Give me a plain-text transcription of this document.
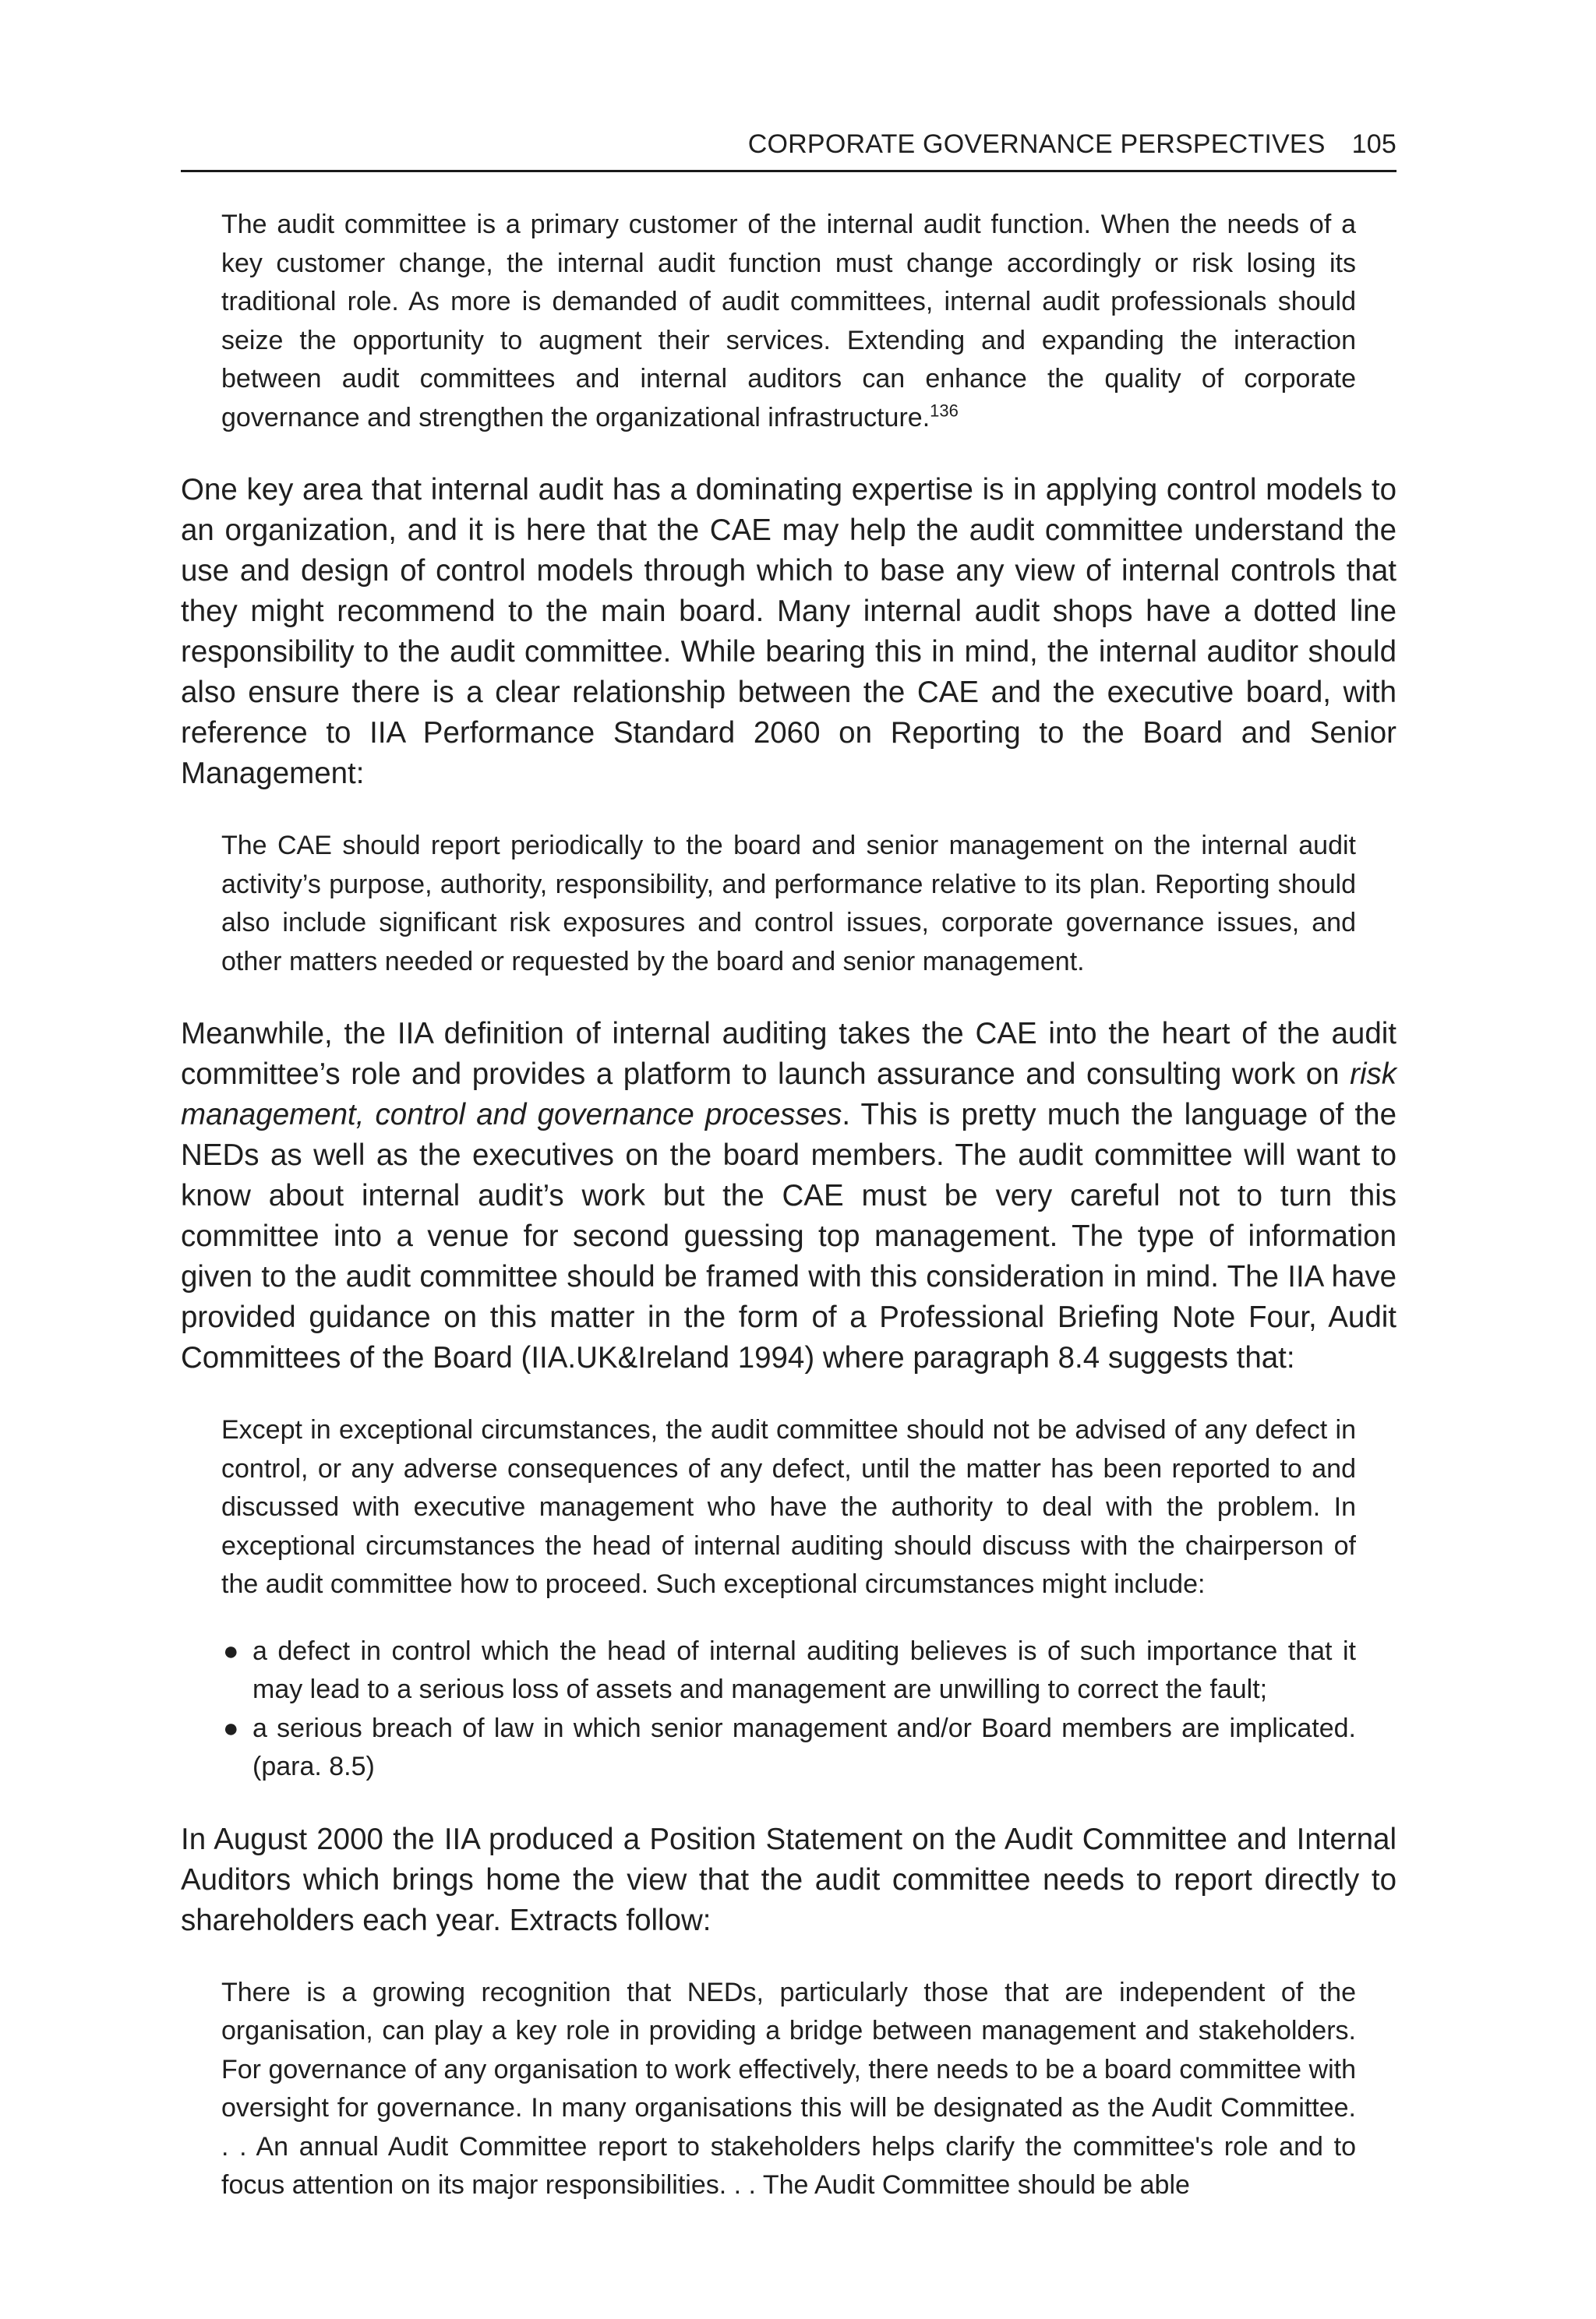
CORPORATE GOVERNANCE PERSPECTIVES 105

The audit committee is a primary customer of the internal audit function. When the needs of a key customer change, the internal audit function must change accordingly or risk losing its traditional role. As more is demanded of audit committees, internal audit professionals should seize the opportunity to augment their services. Extending and expanding the interaction between audit committees and internal auditors can enhance the quality of corporate governance and strengthen the organizational infrastructure.$^{136}$

One key area that internal audit has a dominating expertise is in applying control models to an organization, and it is here that the CAE may help the audit committee understand the use and design of control models through which to base any view of internal controls that they might recommend to the main board. Many internal audit shops have a dotted line responsibility to the audit committee. While bearing this in mind, the internal auditor should also ensure there is a clear relationship between the CAE and the executive board, with reference to IIA Performance Standard 2060 on Reporting to the Board and Senior Management:

The CAE should report periodically to the board and senior management on the internal audit activity’s purpose, authority, responsibility, and performance relative to its plan. Reporting should also include significant risk exposures and control issues, corporate governance issues, and other matters needed or requested by the board and senior management.

Meanwhile, the IIA definition of internal auditing takes the CAE into the heart of the audit committee’s role and provides a platform to launch assurance and consulting work on risk management, control and governance processes. This is pretty much the language of the NEDs as well as the executives on the board members. The audit committee will want to know about internal audit’s work but the CAE must be very careful not to turn this committee into a venue for second guessing top management. The type of information given to the audit committee should be framed with this consideration in mind. The IIA have provided guidance on this matter in the form of a Professional Briefing Note Four, Audit Committees of the Board (IIA.UK&Ireland 1994) where paragraph 8.4 suggests that:

Except in exceptional circumstances, the audit committee should not be advised of any defect in control, or any adverse consequences of any defect, until the matter has been reported to and discussed with executive management who have the authority to deal with the problem. In exceptional circumstances the head of internal auditing should discuss with the chairperson of the audit committee how to proceed. Such exceptional circumstances might include:

● a defect in control which the head of internal auditing believes is of such importance that it may lead to a serious loss of assets and management are unwilling to correct the fault;
● a serious breach of law in which senior management and/or Board members are implicated. (para. 8.5)

In August 2000 the IIA produced a Position Statement on the Audit Committee and Internal Auditors which brings home the view that the audit committee needs to report directly to shareholders each year. Extracts follow:

There is a growing recognition that NEDs, particularly those that are independent of the organisation, can play a key role in providing a bridge between management and stakeholders. For governance of any organisation to work effectively, there needs to be a board committee with oversight for governance. In many organisations this will be designated as the Audit Committee. . . An annual Audit Committee report to stakeholders helps clarify the committee's role and to focus attention on its major responsibilities. . . The Audit Committee should be able
